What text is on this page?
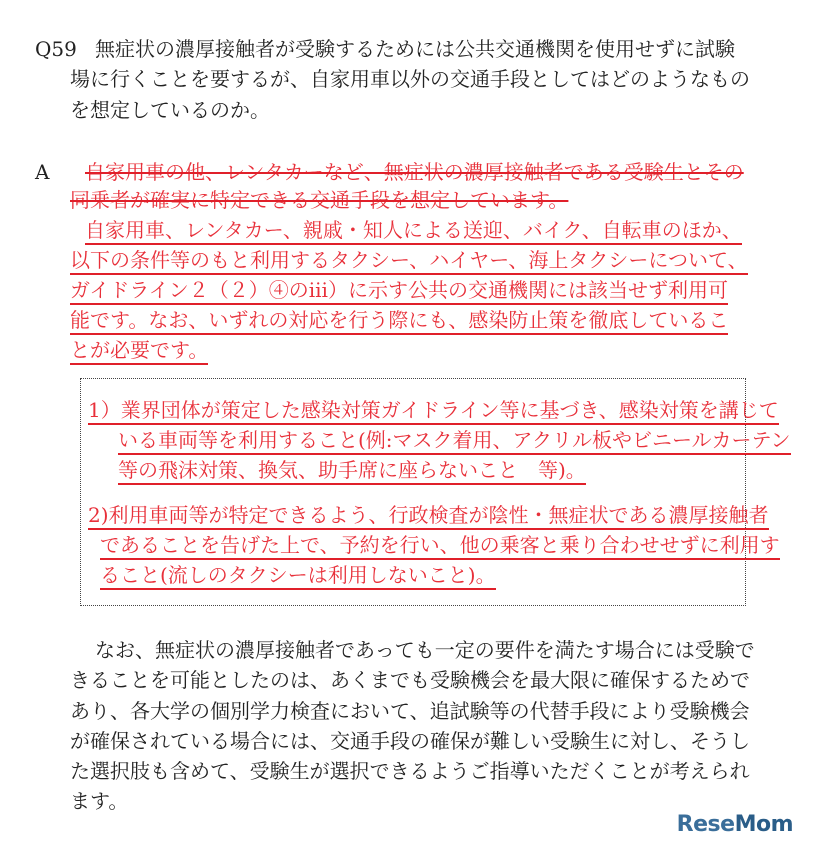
Q59 無症状の濃厚接触者が受験するためには公共交通機関を使用せずに試験
場に行くことを要するが、自家用車以外の交通手段としてはどのようなもの
を想定しているのか。
A 自家用車の他、レンタカーなど、無症状の濃厚接触者である受験生とその
同乗者が確実に特定できる交通手段を想定しています。
自家用車、レンタカー、親戚・知人による送迎、バイク、自転車のほか、
以下の条件等のもと利用するタクシー、ハイヤー、海上タクシーについて、
ガイドライン２（２）④のⅲ）に示す公共の交通機関には該当せず利用可
能です。なお、いずれの対応を行う際にも、感染防止策を徹底しているこ
とが必要です。
1）業界団体が策定した感染対策ガイドライン等に基づき、感染対策を講じて
いる車両等を利用すること(例:マスク着用、アクリル板やビニールカーテン
等の飛沫対策、換気、助手席に座らないこと　等)。
2)利用車両等が特定できるよう、行政検査が陰性・無症状である濃厚接触者
であることを告げた上で、予約を行い、他の乗客と乗り合わせせずに利用す
ること(流しのタクシーは利用しないこと)。
なお、無症状の濃厚接触者であっても一定の要件を満たす場合には受験で
きることを可能としたのは、あくまでも受験機会を最大限に確保するためで
あり、各大学の個別学力検査において、追試験等の代替手段により受験機会
が確保されている場合には、交通手段の確保が難しい受験生に対し、そうし
た選択肢も含めて、受験生が選択できるようご指導いただくことが考えられ
ます。
ReseMom
